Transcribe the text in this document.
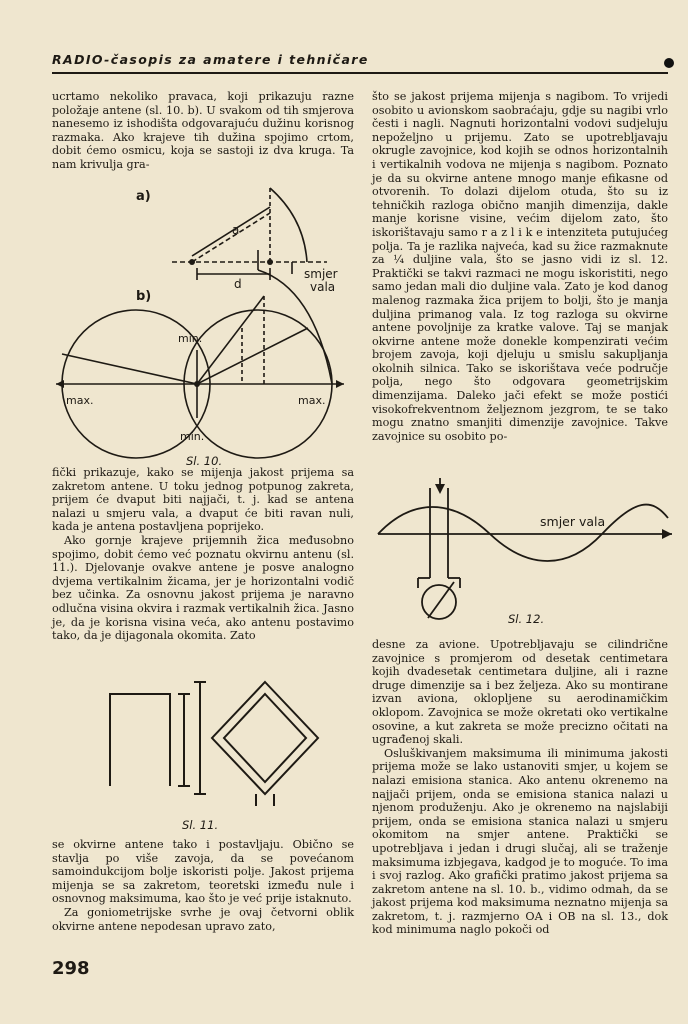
RADIO-časopis za amatere i tehničare

ucrtamo nekoliko pravaca, koji prikazuju razne položaje antene (sl. 10. b). U svakom od tih smjerova nanesemo iz ishodišta odgovarajuću dužinu korisnog razmaka. Ako krajeve tih dužina spojimo crtom, dobit ćemo osmicu, koja se sastoji iz dva kruga. Ta nam krivulja gra-

a)
b)
d
a
smjer
vala
min.
min.
max.	max.
Sl. 10.

fički prikazuje, kako se mijenja jakost prijema sa zakretom antene. U toku jednog potpunog zakreta, prijem će dvaput biti najjači, t. j. kad se antena nalazi u smjeru vala, a dvaput će biti ravan nuli, kada je antena postavljena poprijeko.

Ako gornje krajeve prijemnih žica međusobno spojimo, dobit ćemo već poznatu okvirnu antenu (sl. 11.). Djelovanje ovakve antene je posve analogno dvjema vertikalnim žicama, jer je horizontalni vodič bez učinka. Za osnovnu jakost prijema je naravno odlučna visina okvira i razmak vertikalnih žica. Jasno je, da je korisna visina veća, ako antenu postavimo tako, da je dijagonala okomita. Zato

Sl. 11.

se okvirne antene tako i postavljaju. Obično se stavlja po više zavoja, da se povećanom samoindukcijom bolje iskoristi polje. Jakost prijema mijenja se sa zakretom, teoretski između nule i osnovnog maksimuma, kao što je već prije istaknuto.

Za goniometrijske svrhe je ovaj četvorni oblik okvirne antene nepodesan upravo zato,

298

što se jakost prijema mijenja s nagibom. To vrijedi osobito u avionskom saobraćaju, gdje su nagibi vrlo česti i nagli. Nagnuti horizontalni vodovi sudjeluju nepoželjno u prijemu. Zato se upotrebljavaju okrugle zavojnice, kod kojih se odnos horizontalnih i vertikalnih vodova ne mijenja s nagibom. Poznato je da su okvirne antene mnogo manje efikasne od otvorenih. To dolazi dijelom otuda, što su iz tehničkih razloga obično manjih dimenzija, dakle manje korisne visine, većim dijelom zato, što iskorištavaju samo r a z l i k e intenziteta putujućeg polja. Ta je razlika najveća, kad su žice razmaknute za ¼ duljine vala, što se jasno vidi iz sl. 12. Praktički se takvi razmaci ne mogu iskoristiti, nego samo jedan mali dio duljine vala. Zato je kod danog malenog razmaka žica prijem to bolji, što je manja duljina primanog vala. Iz tog razloga su okvirne antene povoljnije za kratke valove. Taj se manjak okvirne antene može donekle kompenzirati većim brojem zavoja, koji djeluju u smislu sakupljanja okolnih silnica. Tako se iskorištava veće područje polja, nego što odgovara geometrijskim dimenzijama. Daleko jači efekt se može postići visokofrekventnom željeznom jezgrom, te se tako mogu znatno smanjiti dimenzije zavojnice. Takve zavojnice su osobito po-

smjer vala
Sl. 12.

desne za avione. Upotrebljavaju se cilindrične zavojnice s promjerom od desetak centimetara kojih dvadesetak centimetara duljine, ali i razne druge dimenzije sa i bez željeza. Ako su montirane izvan aviona, oklopljene su aerodinamičkim oklopom. Zavojnica se može okretati oko vertikalne osovine, a kut zakreta se može precizno očitati na ugrađenoj skali.

Osluškivanjem maksimuma ili minimuma jakosti prijema može se lako ustanoviti smjer, u kojem se nalazi emisiona stanica. Ako antenu okrenemo na najjači prijem, onda se emisiona stanica nalazi u njenom produženju. Ako je okrenemo na najslabiji prijem, onda se emisiona stanica nalazi u smjeru okomitom na smjer antene. Praktički se upotrebljava i jedan i drugi slučaj, ali se traženje maksimuma izbjegava, kadgod je to moguće. To ima i svoj razlog. Ako grafički pratimo jakost prijema sa zakretom antene na sl. 10. b., vidimo odmah, da se jakost prijema kod maksimuma neznatno mijenja sa zakretom, t. j. razmjerno OA i OB na sl. 13., dok kod minimuma naglo pokoči od
